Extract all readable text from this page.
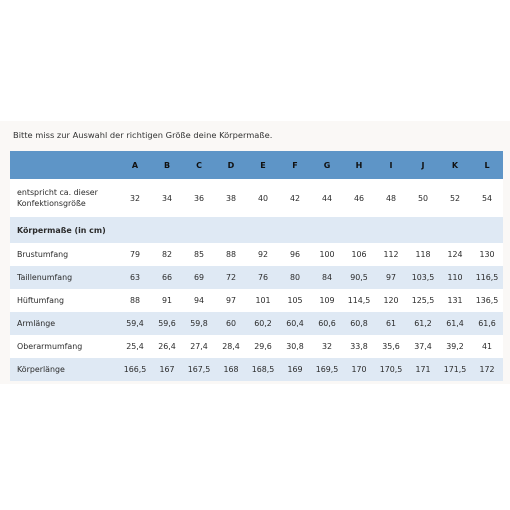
Bitte miss zur Auswahl der richtigen Größe deine Körpermaße.
	A	B	C	D	E	F	G	H	I	J	K	L
entspricht ca. dieser Konfektionsgröße	32	34	36	38	40	42	44	46	48	50	52	54
Körpermaße (in cm)												
Brustumfang	79	82	85	88	92	96	100	106	112	118	124	130
Taillenumfang	63	66	69	72	76	80	84	90,5	97	103,5	110	116,5
Hüftumfang	88	91	94	97	101	105	109	114,5	120	125,5	131	136,5
Armlänge	59,4	59,6	59,8	60	60,2	60,4	60,6	60,8	61	61,2	61,4	61,6
Oberarmumfang	25,4	26,4	27,4	28,4	29,6	30,8	32	33,8	35,6	37,4	39,2	41
Körperlänge	166,5	167	167,5	168	168,5	169	169,5	170	170,5	171	171,5	172
